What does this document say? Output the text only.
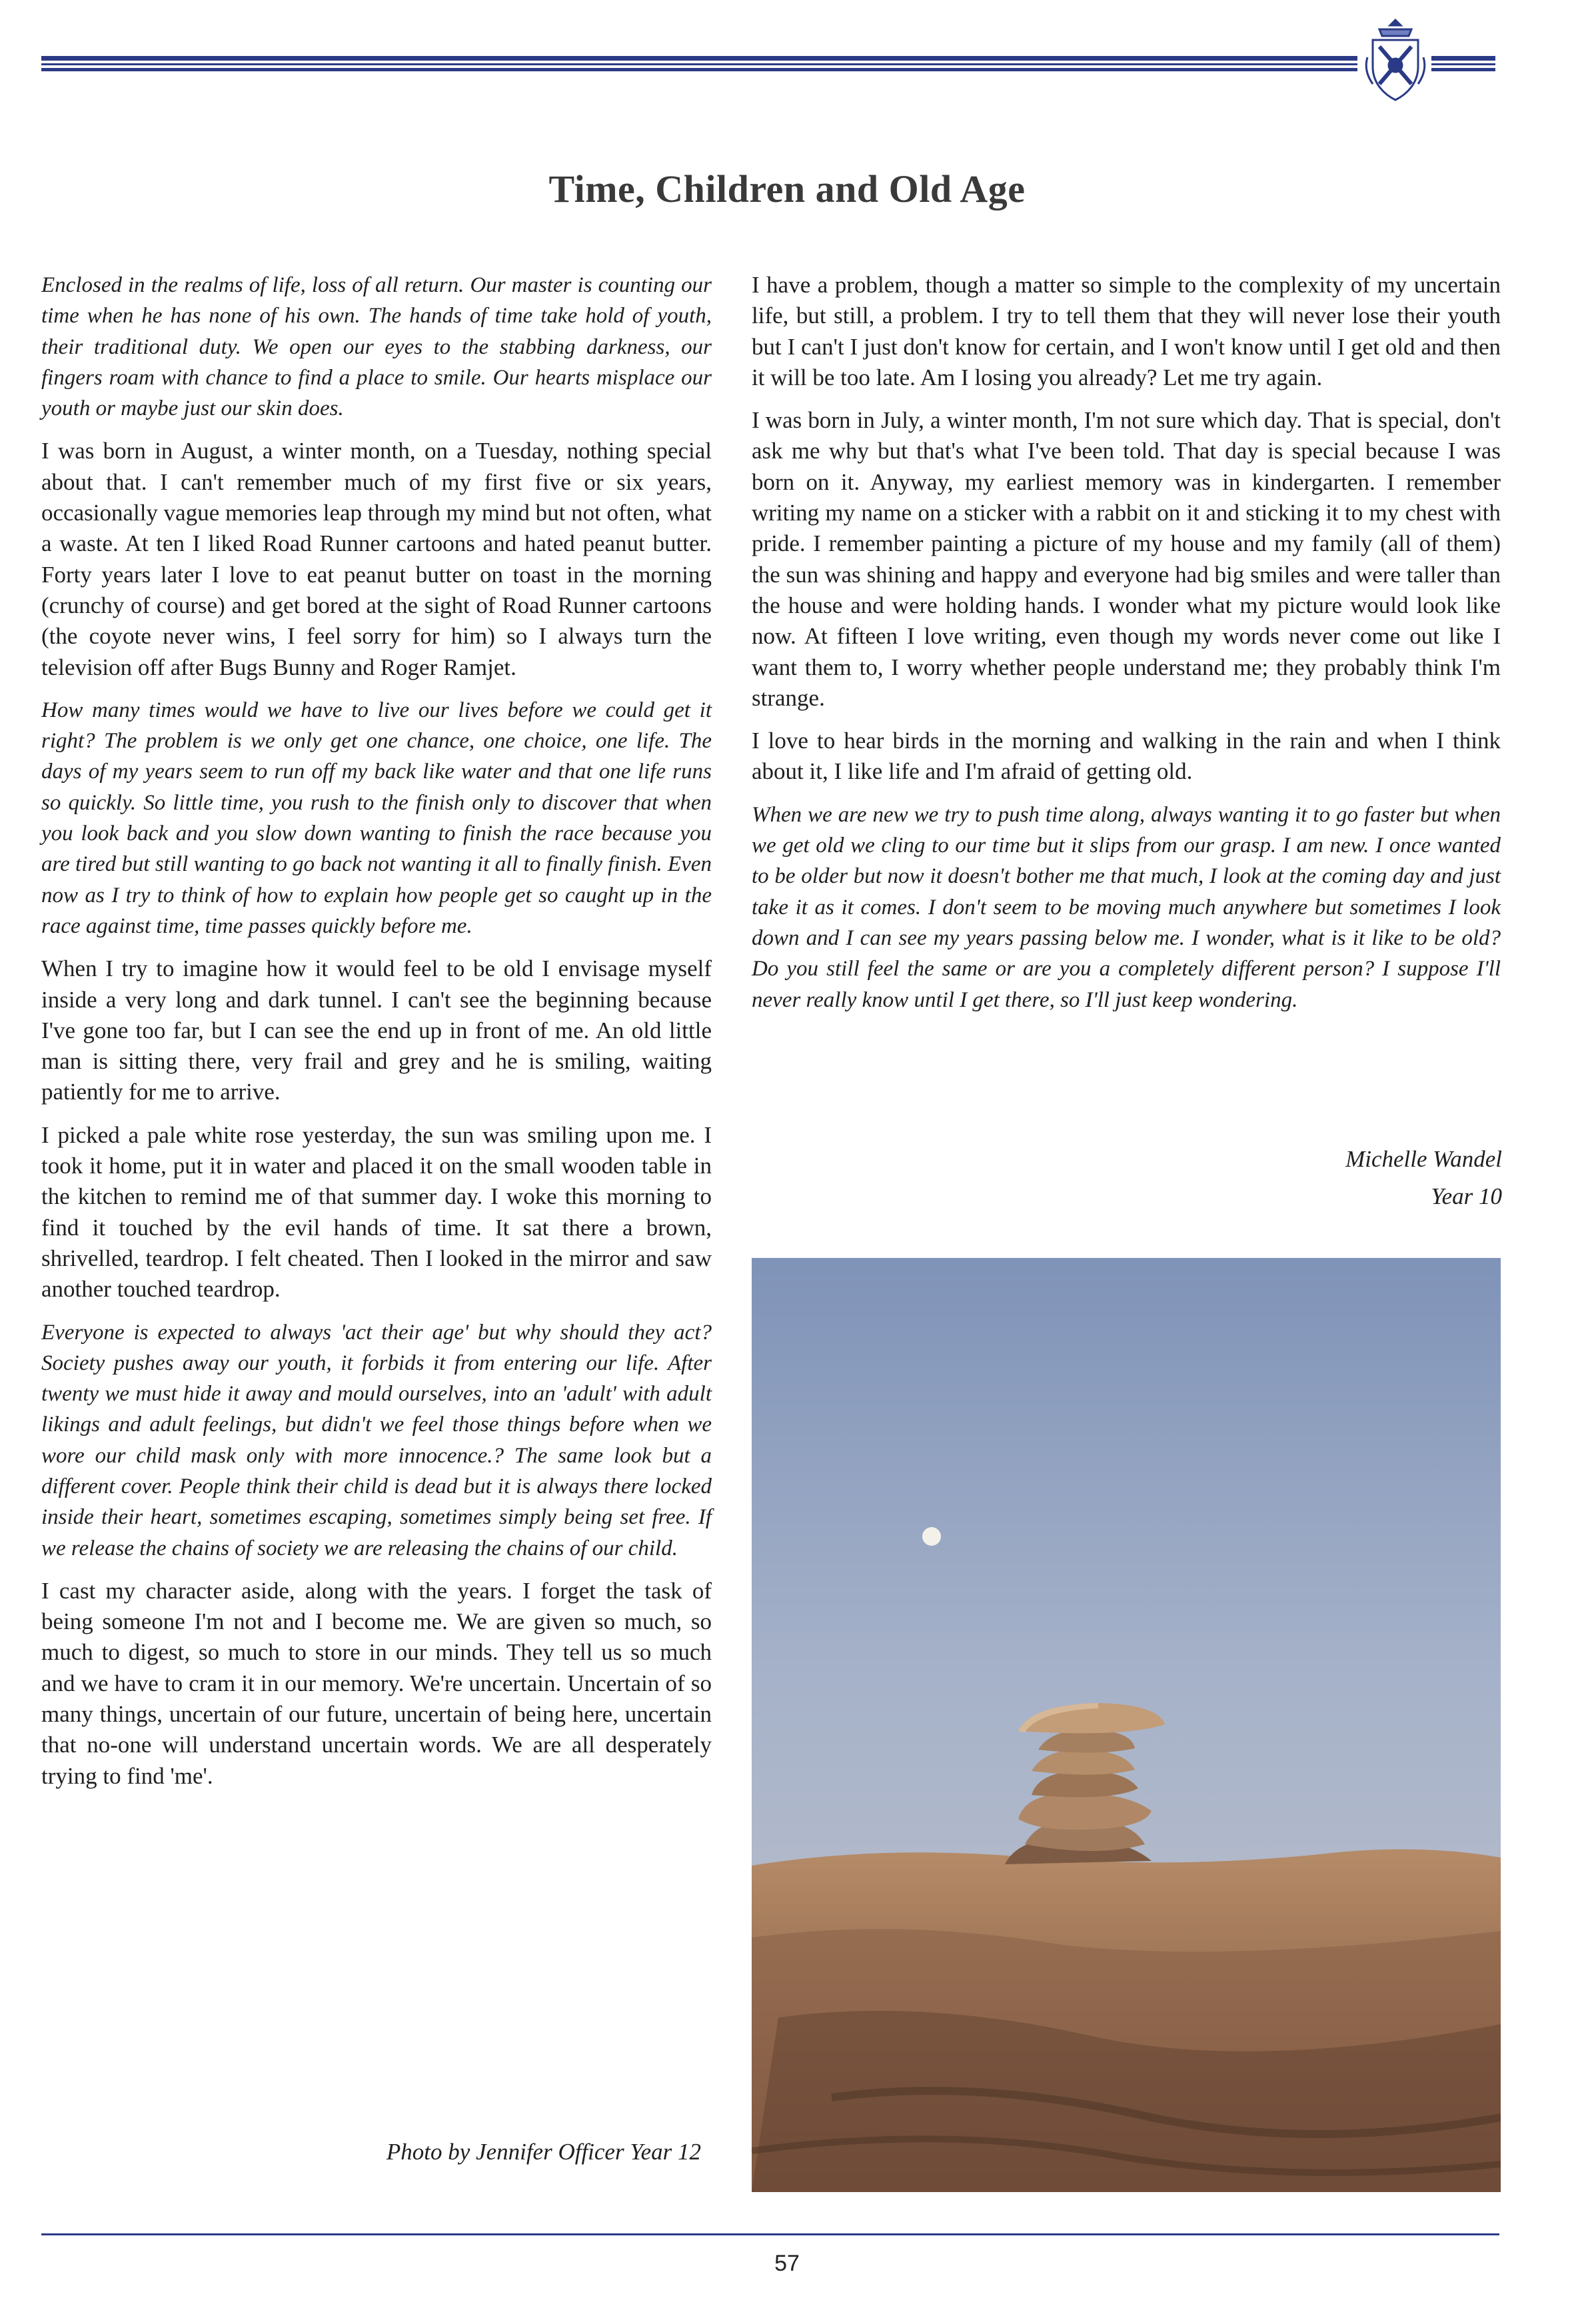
Time, Children and Old Age

Enclosed in the realms of life, loss of all return. Our master is counting our time when he has none of his own. The hands of time take hold of youth, their traditional duty. We open our eyes to the stabbing darkness, our fingers roam with chance to find a place to smile. Our hearts misplace our youth or maybe just our skin does.

I was born in August, a winter month, on a Tuesday, nothing special about that. I can't remember much of my first five or six years, occasionally vague memories leap through my mind but not often, what a waste. At ten I liked Road Runner cartoons and hated peanut butter. Forty years later I love to eat peanut butter on toast in the morning (crunchy of course) and get bored at the sight of Road Runner cartoons (the coyote never wins, I feel sorry for him) so I always turn the television off after Bugs Bunny and Roger Ramjet.

How many times would we have to live our lives before we could get it right? The problem is we only get one chance, one choice, one life. The days of my years seem to run off my back like water and that one life runs so quickly. So little time, you rush to the finish only to discover that when you look back and you slow down wanting to finish the race because you are tired but still wanting to go back not wanting it all to finally finish. Even now as I try to think of how to explain how people get so caught up in the race against time, time passes quickly before me.

When I try to imagine how it would feel to be old I envisage myself inside a very long and dark tunnel. I can't see the beginning because I've gone too far, but I can see the end up in front of me. An old little man is sitting there, very frail and grey and he is smiling, waiting patiently for me to arrive.

I picked a pale white rose yesterday, the sun was smiling upon me. I took it home, put it in water and placed it on the small wooden table in the kitchen to remind me of that summer day. I woke this morning to find it touched by the evil hands of time. It sat there a brown, shrivelled, teardrop. I felt cheated. Then I looked in the mirror and saw another touched teardrop.

Everyone is expected to always 'act their age' but why should they act? Society pushes away our youth, it forbids it from entering our life. After twenty we must hide it away and mould ourselves, into an 'adult' with adult likings and adult feelings, but didn't we feel those things before when we wore our child mask only with more innocence.? The same look but a different cover. People think their child is dead but it is always there locked inside their heart, sometimes escaping, sometimes simply being set free. If we release the chains of society we are releasing the chains of our child.

I cast my character aside, along with the years. I forget the task of being someone I'm not and I become me. We are given so much, so much to digest, so much to store in our minds. They tell us so much and we have to cram it in our memory. We're uncertain. Uncertain of so many things, uncertain of our future, uncertain of being here, uncertain that no-one will understand uncertain words. We are all desperately trying to find 'me'.

I have a problem, though a matter so simple to the complexity of my uncertain life, but still, a problem. I try to tell them that they will never lose their youth but I can't I just don't know for certain, and I won't know until I get old and then it will be too late. Am I losing you already? Let me try again.

I was born in July, a winter month, I'm not sure which day. That is special, don't ask me why but that's what I've been told. That day is special because I was born on it. Anyway, my earliest memory was in kindergarten. I remember writing my name on a sticker with a rabbit on it and sticking it to my chest with pride. I remember painting a picture of my house and my family (all of them) the sun was shining and happy and everyone had big smiles and were taller than the house and were holding hands. I wonder what my picture would look like now. At fifteen I love writing, even though my words never come out like I want them to, I worry whether people understand me; they probably think I'm strange.

I love to hear birds in the morning and walking in the rain and when I think about it, I like life and I'm afraid of getting old.

When we are new we try to push time along, always wanting it to go faster but when we get old we cling to our time but it slips from our grasp. I am new. I once wanted to be older but now it doesn't bother me that much, I look at the coming day and just take it as it comes. I don't seem to be moving much anywhere but sometimes I look down and I can see my years passing below me. I wonder, what is it like to be old? Do you still feel the same or are you a completely different person? I suppose I'll never really know until I get there, so I'll just keep wondering.

Michelle Wandel
Year 10
Photo by Jennifer Officer Year 12
57
